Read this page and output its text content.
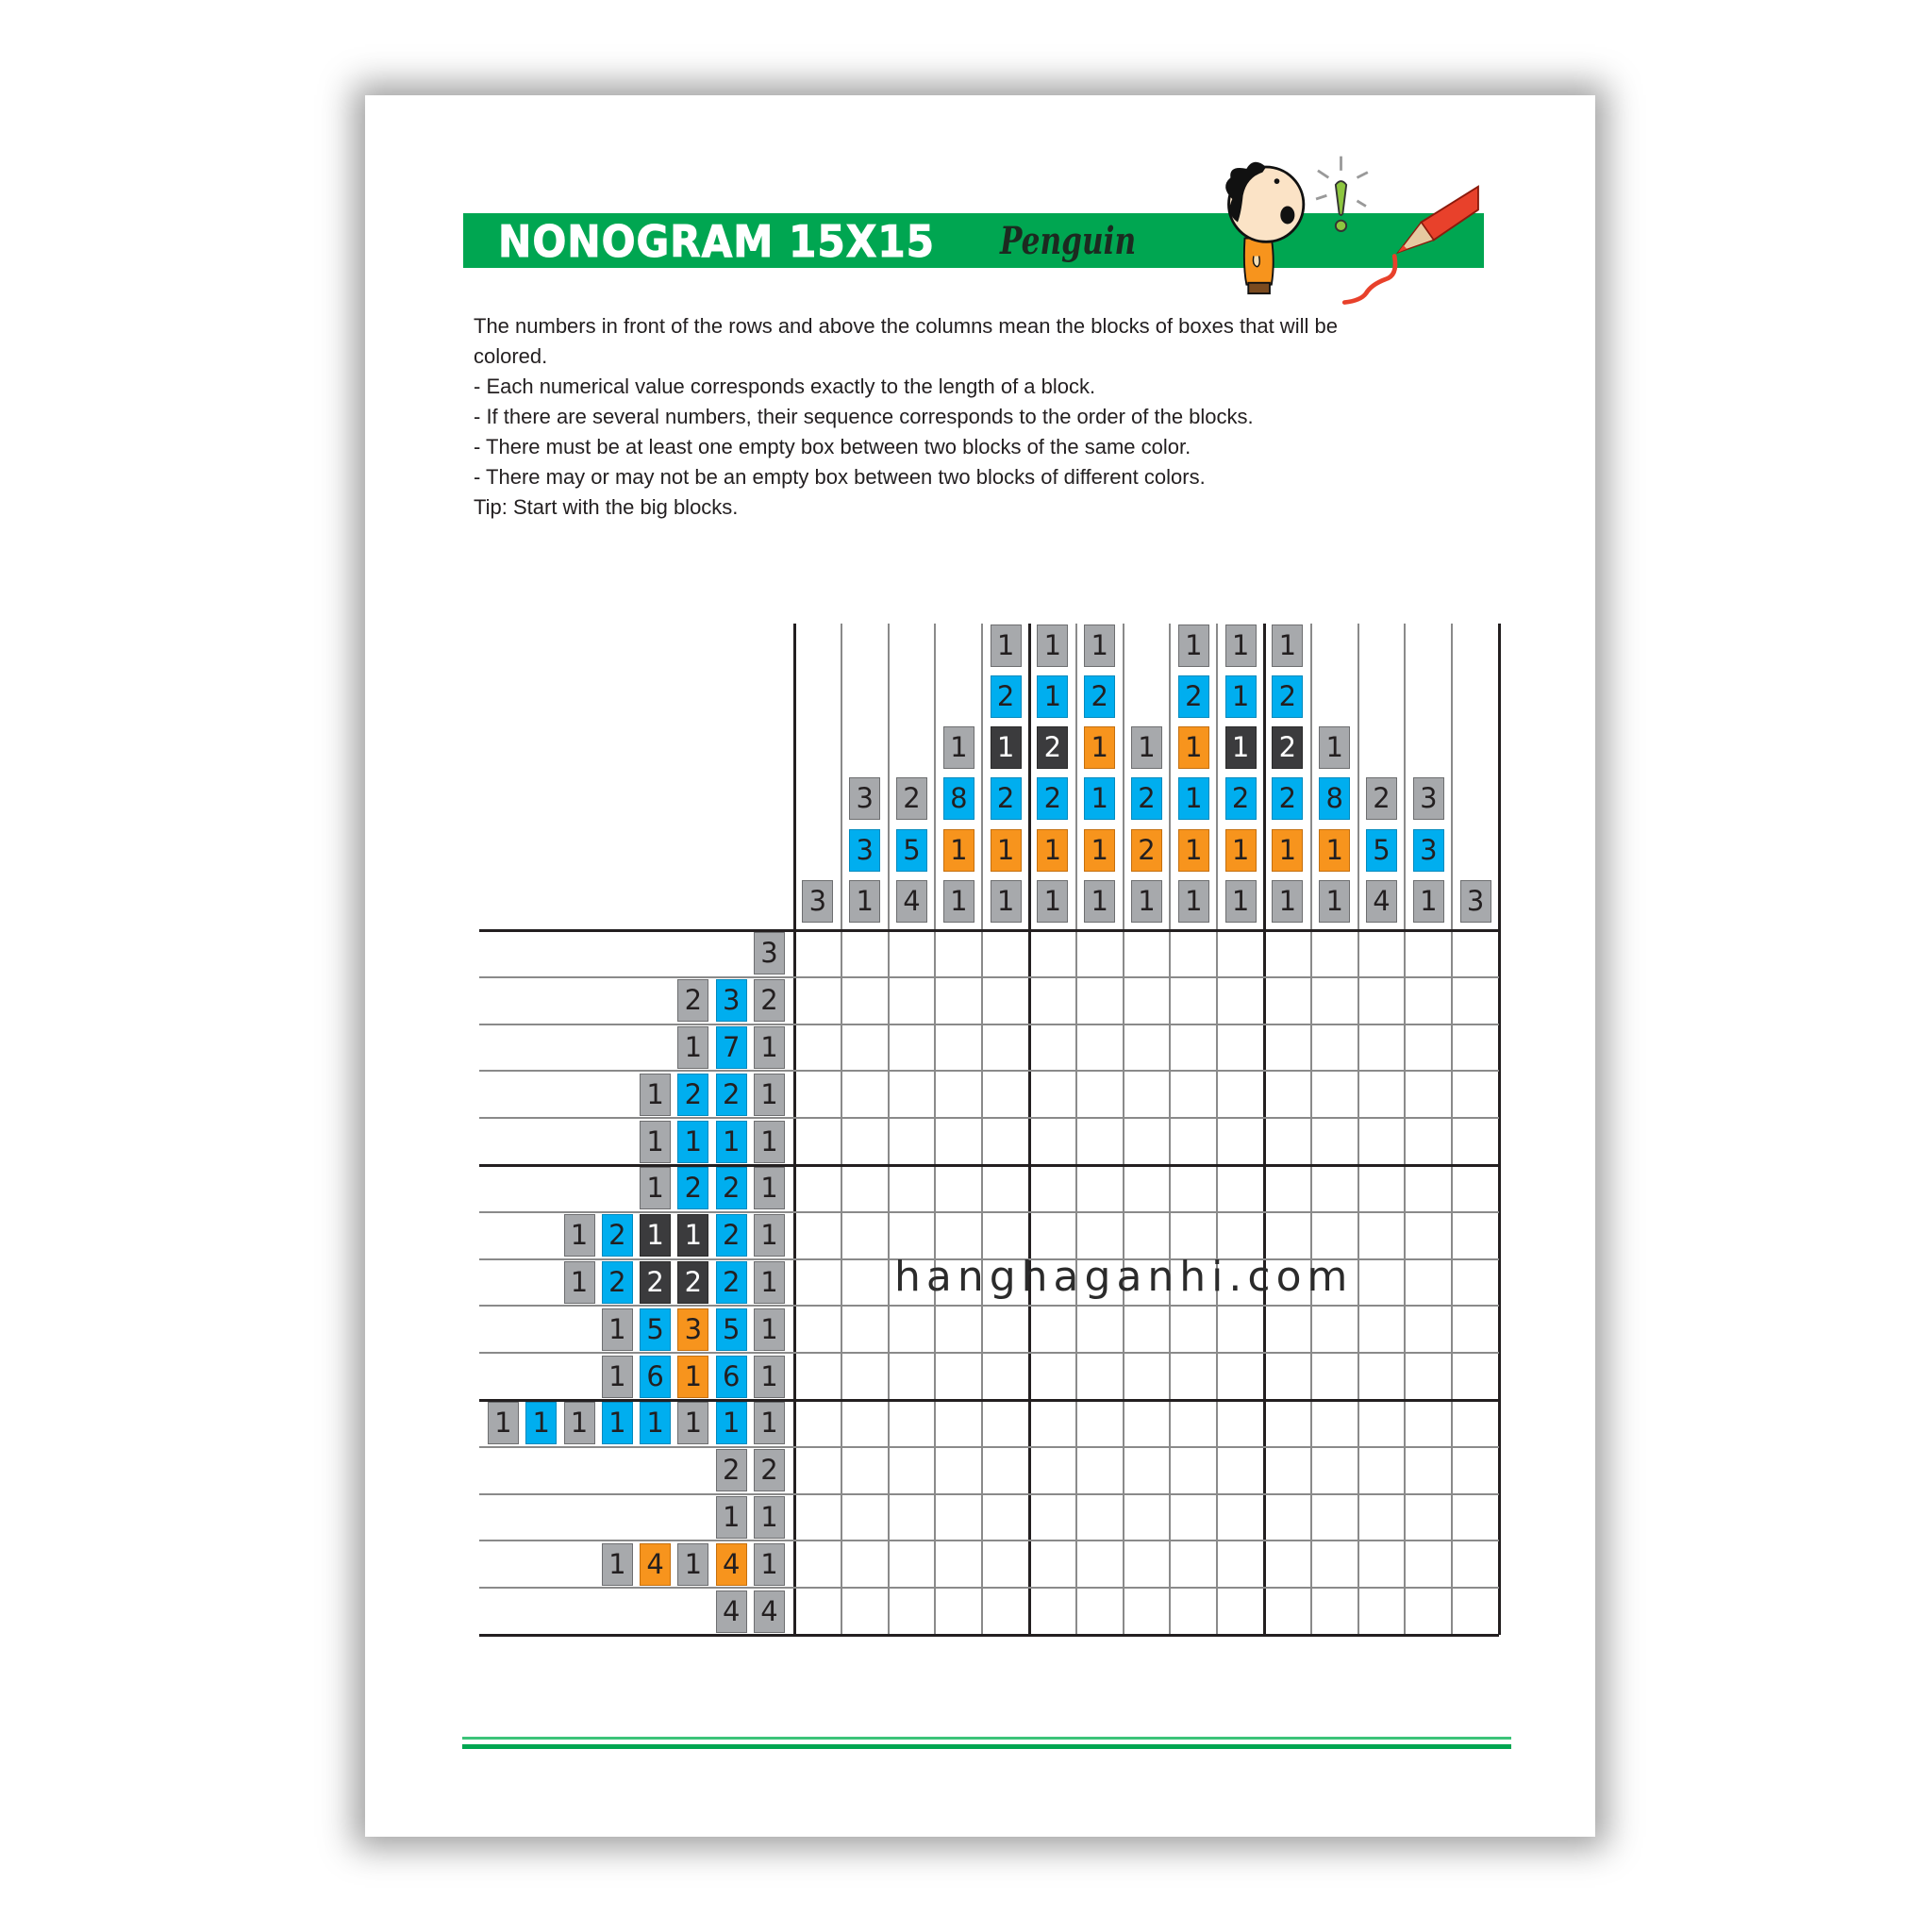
NONOGRAM 15X15 Penguin

The numbers in front of the rows and above the columns mean the blocks of boxes that will be

colored.

- Each numerical value corresponds exactly to the length of a block.

- If there are several numbers, their sequence corresponds to the order of the blocks.

- There must be at least one empty box between two blocks of the same color.

- There may or may not be an empty box between two blocks of different colors.

Tip: Start with the big blocks.

3
3
3
1
2
5
4
1
8
1
1
1
2
1
2
1
1
1
1
2
2
1
1
1
2
1
1
1
1
1
2
2
1
1
2
1
1
1
1
1
1
1
2
1
1
1
2
2
2
1
1
1
8
1
1
2
5
4
3
3
1 3
3
2 3 2
1 7 1
1 2 2 1
1 1 1 1
1 2 2 1
1 2 1 1 2 1
1 2 2 2 2 1
1 5 3 5 1
1 6 1 6 1
1 1 1 1 1 1 1 1
2 2
1 1
1 4 1 4 1
4 4
hanghaganhi.com
